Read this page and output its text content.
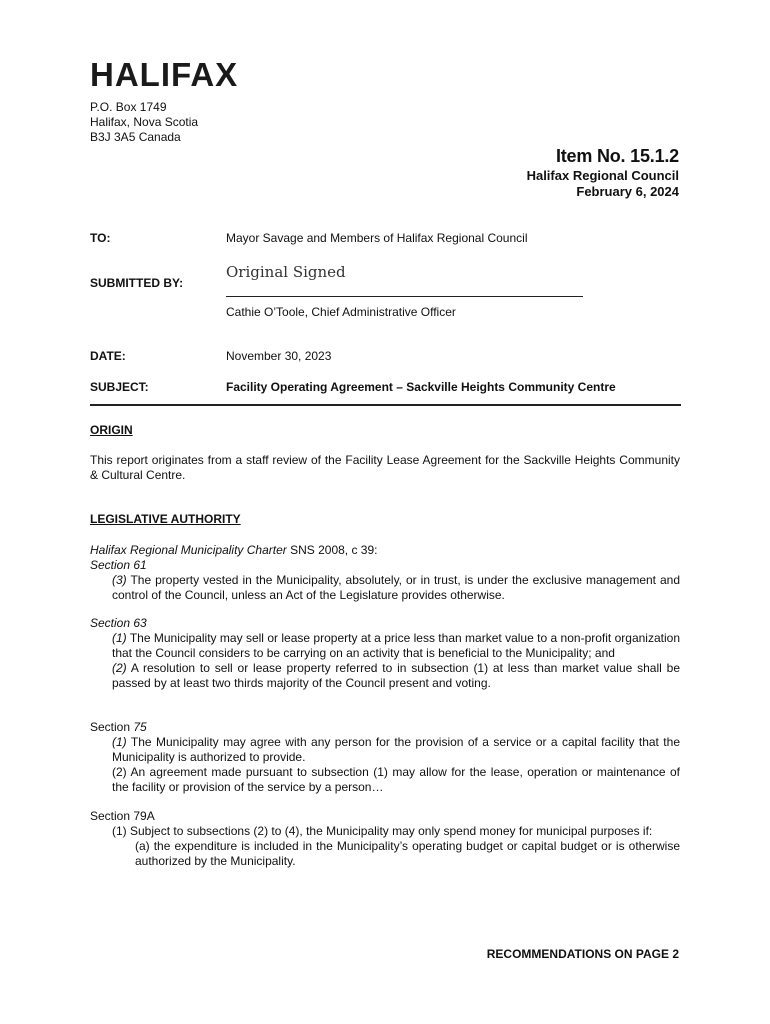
HALIFAX
P.O. Box 1749
Halifax, Nova Scotia
B3J 3A5 Canada
Item No. 15.1.2
Halifax Regional Council
February 6, 2024
TO:	Mayor Savage and Members of Halifax Regional Council
SUBMITTED BY:
Original Signed
Cathie O’Toole, Chief Administrative Officer
DATE:	November 30, 2023
SUBJECT:	Facility Operating Agreement – Sackville Heights Community Centre
ORIGIN
This report originates from a staff review of the Facility Lease Agreement for the Sackville Heights Community & Cultural Centre.
LEGISLATIVE AUTHORITY

Halifax Regional Municipality Charter SNS 2008, c 39:

Section 61

(3) The property vested in the Municipality, absolutely, or in trust, is under the exclusive management and control of the Council, unless an Act of the Legislature provides otherwise.

Section 63

(1) The Municipality may sell or lease property at a price less than market value to a non-profit organization that the Council considers to be carrying on an activity that is beneficial to the Municipality; and

(2) A resolution to sell or lease property referred to in subsection (1) at less than market value shall be passed by at least two thirds majority of the Council present and voting.

Section 75

(1) The Municipality may agree with any person for the provision of a service or a capital facility that the Municipality is authorized to provide.

(2) An agreement made pursuant to subsection (1) may allow for the lease, operation or maintenance of the facility or provision of the service by a person…

Section 79A

(1) Subject to subsections (2) to (4), the Municipality may only spend money for municipal purposes if:

(a) the expenditure is included in the Municipality’s operating budget or capital budget or is otherwise authorized by the Municipality.

RECOMMENDATIONS ON PAGE 2
